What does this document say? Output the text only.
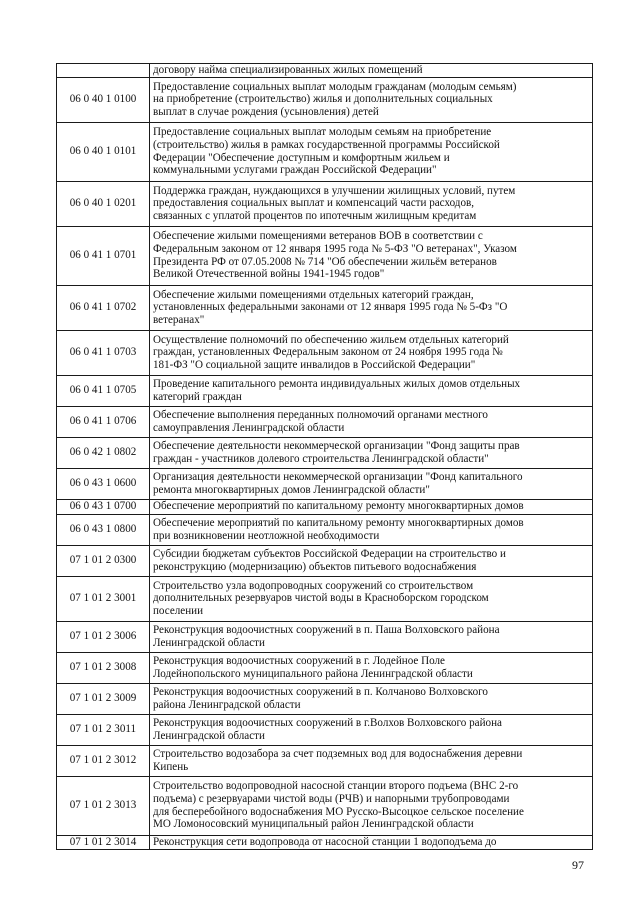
	договору найма специализированных жилых помещений

06 0 40 1 0100	Предоставление социальных выплат молодым гражданам (молодым семьям)
на приобретение (строительство) жилья и дополнительных социальных
выплат в случае рождения (усыновления) детей

06 0 40 1 0101	Предоставление социальных выплат молодым семьям на приобретение
(строительство) жилья в рамках государственной программы Российской
Федерации "Обеспечение доступным и комфортным жильем и
коммунальными услугами граждан Российской Федерации"

06 0 40 1 0201	Поддержка граждан, нуждающихся в улучшении жилищных условий, путем
предоставления социальных выплат и компенсаций части расходов,
связанных с уплатой процентов по ипотечным жилищным кредитам

06 0 41 1 0701	Обеспечение жилыми помещениями ветеранов ВОВ в соответствии с
Федеральным законом от 12 января 1995 года № 5-ФЗ "О ветеранах", Указом
Президента РФ от 07.05.2008 № 714 "Об обеспечении жильём ветеранов
Великой Отечественной войны 1941-1945 годов"

06 0 41 1 0702	Обеспечение жилыми помещениями отдельных категорий граждан,
установленных федеральными законами от 12 января 1995 года № 5-Фз "О
ветеранах"

06 0 41 1 0703	Осуществление полномочий по обеспечению жильем отдельных категорий
граждан, установленных Федеральным законом от 24 ноября 1995 года №
181-ФЗ "О социальной защите инвалидов в Российской Федерации"

06 0 41 1 0705	Проведение капитального ремонта индивидуальных жилых домов отдельных
категорий граждан

06 0 41 1 0706	Обеспечение выполнения переданных полномочий органами местного
самоуправления Ленинградской области

06 0 42 1 0802	Обеспечение деятельности некоммерческой организации "Фонд защиты прав
граждан - участников долевого строительства Ленинградской области"

06 0 43 1 0600	Организация деятельности некоммерческой организации "Фонд капитального
ремонта многоквартирных домов Ленинградской области"

06 0 43 1 0700	Обеспечение мероприятий по капитальному ремонту многоквартирных домов

06 0 43 1 0800	Обеспечение мероприятий по капитальному ремонту многоквартирных домов
при возникновении неотложной необходимости

07 1 01 2 0300	Субсидии бюджетам субъектов Российской Федерации на строительство и
реконструкцию (модернизацию) объектов питьевого водоснабжения

07 1 01 2 3001	Строительство узла водопроводных сооружений со строительством
дополнительных резервуаров чистой воды в Красноборском городском
поселении

07 1 01 2 3006	Реконструкция водоочистных сооружений в п. Паша Волховского района
Ленинградской области

07 1 01 2 3008	Реконструкция водоочистных сооружений в г. Лодейное Поле
Лодейнопольского муниципального района Ленинградской области

07 1 01 2 3009	Реконструкция водоочистных сооружений в п. Колчаново Волховского
района Ленинградской области

07 1 01 2 3011	Реконструкция водоочистных сооружений в г.Волхов Волховского района
Ленинградской области

07 1 01 2 3012	Строительство водозабора за счет подземных вод для водоснабжения деревни
Кипень

07 1 01 2 3013	Строительство водопроводной насосной станции второго подъема (ВНС 2-го
подъема) с резервуарами чистой воды (РЧВ) и напорными трубопроводами
для бесперебойного водоснабжения МО Русско-Высоцкое сельское поселение
МО Ломоносовский муниципальный район Ленинградской области

07 1 01 2 3014	Реконструкция сети водопровода от насосной станции 1 водоподъема до
97
